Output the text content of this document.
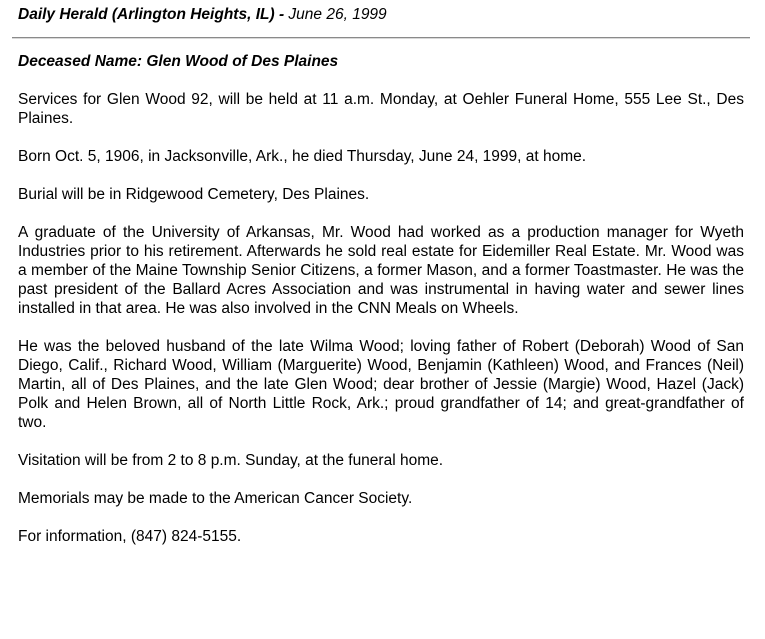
Daily Herald (Arlington Heights, IL) - June 26, 1999
Deceased Name: Glen Wood of Des Plaines

Services for Glen Wood 92, will be held at 11 a.m. Monday, at Oehler Funeral Home, 555 Lee St., Des Plaines.

Born Oct. 5, 1906, in Jacksonville, Ark., he died Thursday, June 24, 1999, at home.

Burial will be in Ridgewood Cemetery, Des Plaines.

A graduate of the University of Arkansas, Mr. Wood had worked as a production manager for Wyeth Industries prior to his retirement. Afterwards he sold real estate for Eidemiller Real Estate. Mr. Wood was a member of the Maine Township Senior Citizens, a former Mason, and a former Toastmaster. He was the past president of the Ballard Acres Association and was instrumental in having water and sewer lines installed in that area. He was also involved in the CNN Meals on Wheels.

He was the beloved husband of the late Wilma Wood; loving father of Robert (Deborah) Wood of San Diego, Calif., Richard Wood, William (Marguerite) Wood, Benjamin (Kathleen) Wood, and Frances (Neil) Martin, all of Des Plaines, and the late Glen Wood; dear brother of Jessie (Margie) Wood, Hazel (Jack) Polk and Helen Brown, all of North Little Rock, Ark.; proud grandfather of 14; and great-grandfather of two.

Visitation will be from 2 to 8 p.m. Sunday, at the funeral home.

Memorials may be made to the American Cancer Society.

For information, (847) 824-5155.
